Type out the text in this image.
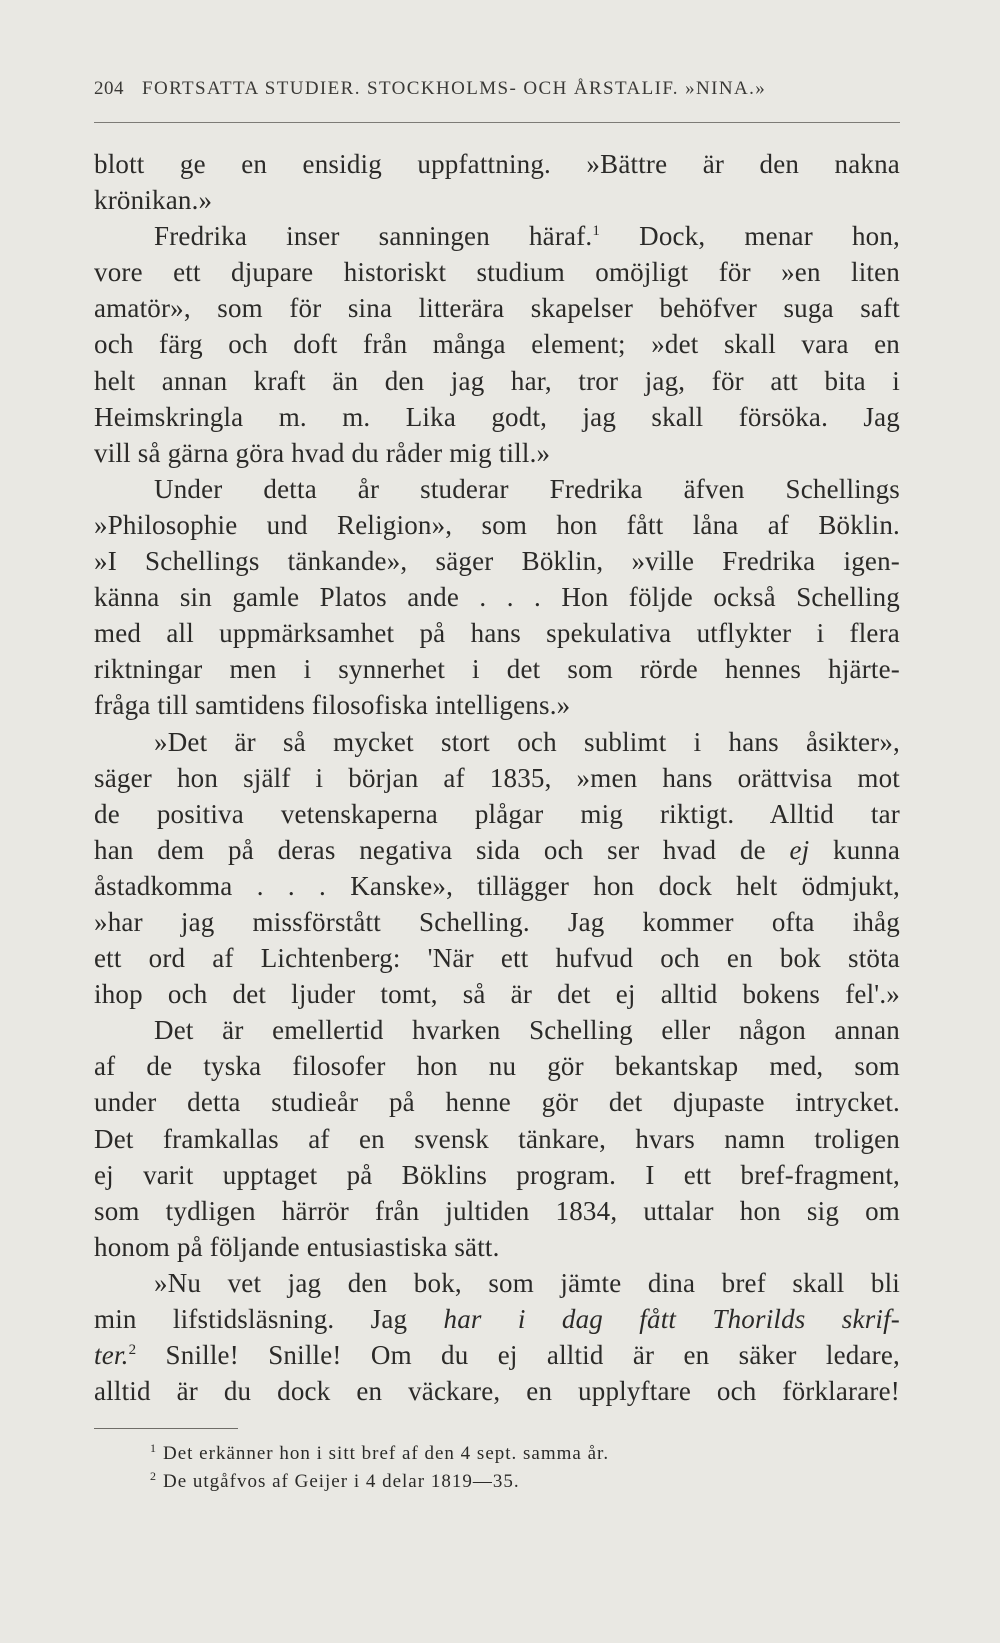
204 FORTSATTA STUDIER. STOCKHOLMS- OCH ÅRSTALIF. »NINA.»
blott ge en ensidig uppfattning. »Bättre är den nakna
krönikan.»
Fredrika inser sanningen häraf.$^1$ Dock, menar hon,
vore ett djupare historiskt studium omöjligt för »en liten
amatör», som för sina litterära skapelser behöfver suga saft
och färg och doft från många element; »det skall vara en
helt annan kraft än den jag har, tror jag, för att bita i
Heimskringla m. m. Lika godt, jag skall försöka. Jag
vill så gärna göra hvad du råder mig till.»
Under detta år studerar Fredrika äfven Schellings
»Philosophie und Religion», som hon fått låna af Böklin.
»I Schellings tänkande», säger Böklin, »ville Fredrika igen-
känna sin gamle Platos ande . . . Hon följde också Schelling
med all uppmärksamhet på hans spekulativa utflykter i flera
riktningar men i synnerhet i det som rörde hennes hjärte-
fråga till samtidens filosofiska intelligens.»
»Det är så mycket stort och sublimt i hans åsikter»,
säger hon själf i början af 1835, »men hans orättvisa mot
de positiva vetenskaperna plågar mig riktigt. Alltid tar
han dem på deras negativa sida och ser hvad de ej kunna
åstadkomma . . . Kanske», tillägger hon dock helt ödmjukt,
»har jag missförstått Schelling. Jag kommer ofta ihåg
ett ord af Lichtenberg: 'När ett hufvud och en bok stöta
ihop och det ljuder tomt, så är det ej alltid bokens fel'.»
Det är emellertid hvarken Schelling eller någon annan
af de tyska filosofer hon nu gör bekantskap med, som
under detta studieår på henne gör det djupaste intrycket.
Det framkallas af en svensk tänkare, hvars namn troligen
ej varit upptaget på Böklins program. I ett bref-fragment,
som tydligen härrör från jultiden 1834, uttalar hon sig om
honom på följande entusiastiska sätt.
»Nu vet jag den bok, som jämte dina bref skall bli
min lifstidsläsning. Jag har i dag fått Thorilds skrif-
ter.$^2$ Snille! Snille! Om du ej alltid är en säker ledare,
alltid är du dock en väckare, en upplyftare och förklarare!
$^1$ Det erkänner hon i sitt bref af den 4 sept. samma år.
$^2$ De utgåfvos af Geijer i 4 delar 1819—35.
